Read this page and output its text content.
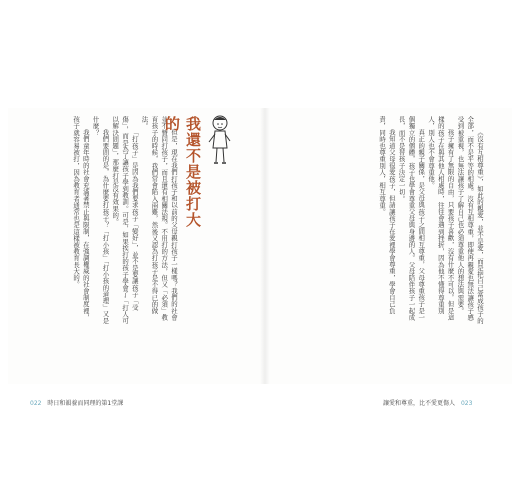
但是，現在我們打孩子和以前的父母親打孩子一樣嗎？我們的社會並不贊同打孩子，而且還有相關法規。不用打的方法，但又「必須」教育孩子的時候，我們常會陷入兩難，然後又認為打孩子是不得已的做法。

「打孩子」是因為我們要求孩子「變好」，並不是要讓孩子「受傷」，而是為了讓孩子學到教訓。可是，如果挨打的孩子學會了「打人可以解決問題」，那麼打是沒有效果的。

我們要問的是，為什麼要打孩子？「打小孩」「打小孩的道理」又是什麼？

我們童年時的社會充滿著禁止與限制，在強調權威的社會制度裡，孩子就容易被打，因為教育者通常也是這樣被教育長大的。	我還不是被打大的

《沒有互相尊重》，如此的親愛，並不是愛，而是把自己當成孩子的全部，而不是平等的相處。沒有互相尊重，即使再親愛也無法讓孩子感受到被重視，也無法讓孩子了解自己也必須尊重他人的想法與需要。

孩子擁有了無限的自由，只要孩子喜歡，沒有什麼不可以。但是這樣的孩子在與其他人相處時，往往會遇到挫折，因為他不懂得尊重別人，別人也不會尊重他。

真正的親子關係，是父母與孩子之間相互尊重，父母尊重孩子是一個獨立的個體，孩子也學會尊重父母與身邊的人。父母陪伴孩子一起成長，而不是替孩子決定一切。

我知道父母很愛孩子，但請讓孩子在愛裡學會尊重，學會自己負責，同時也尊重別人，相互尊重。

022 時日和韻養而同理的第1堂課	讓愛和尊重，比不愛更傷人 023
